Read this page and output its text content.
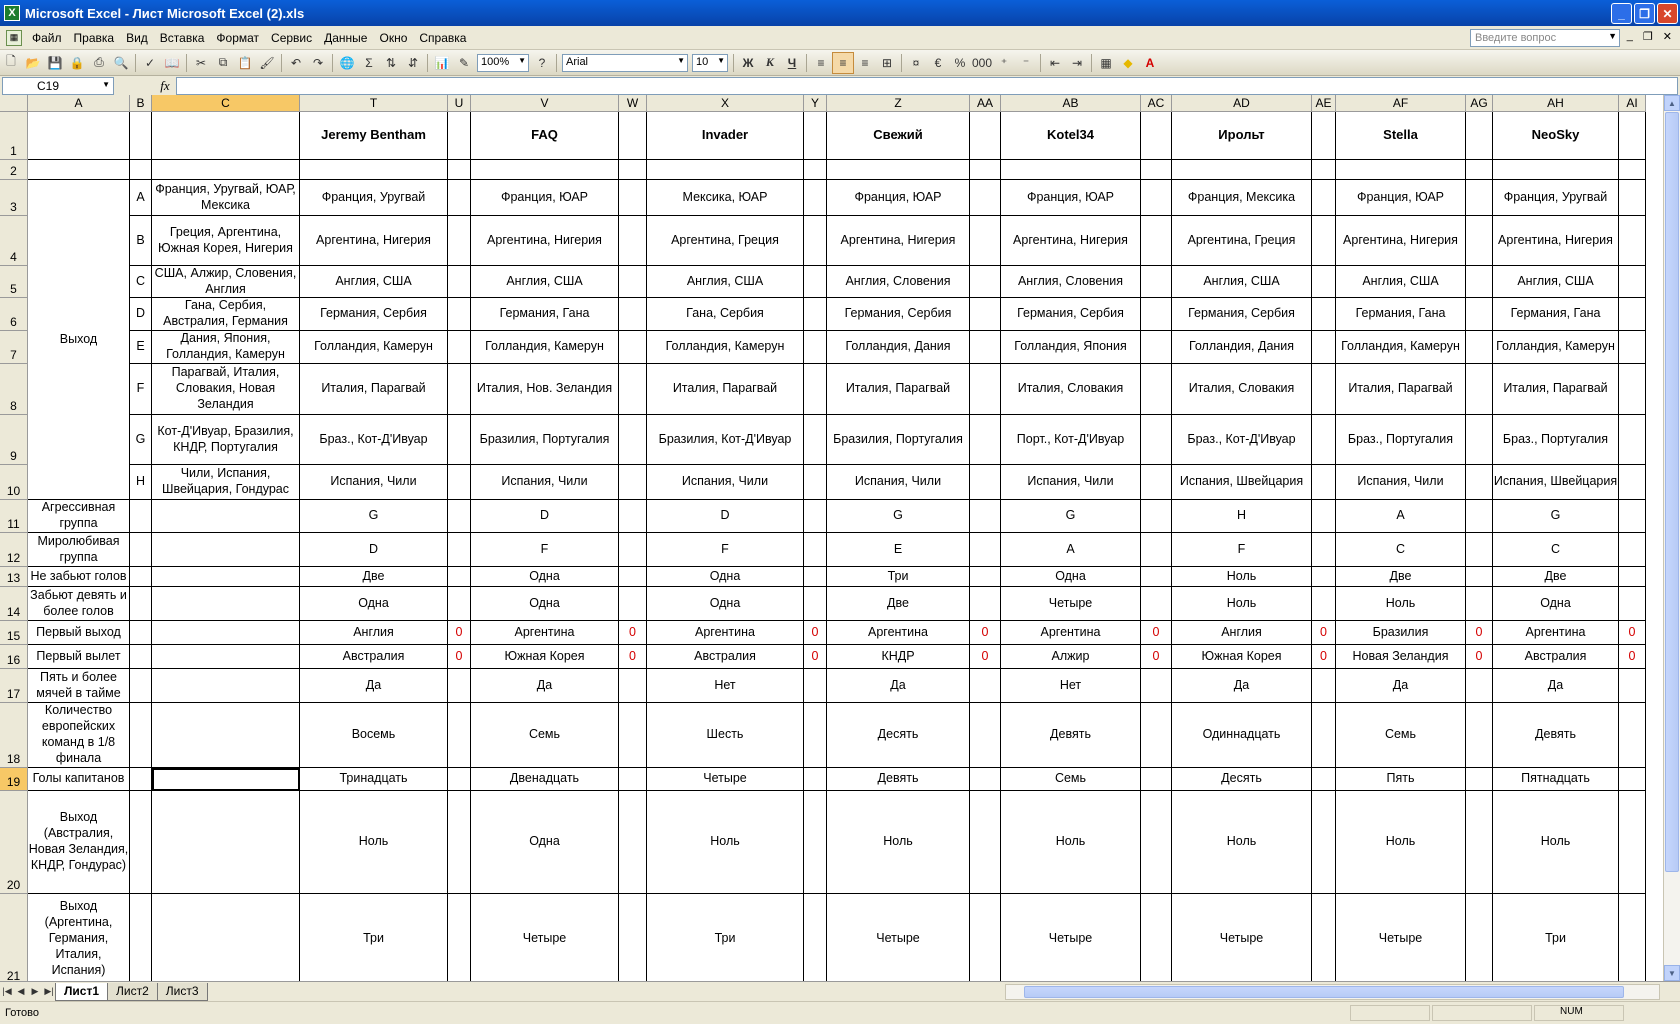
X Microsoft Excel - Лист Microsoft Excel (2).xls	_	❐	✕
▦	Файл	Правка	Вид	Вставка	Формат	Сервис	Данные	Окно	Справка	Введите вопрос	▼ _ ❐ ✕
🗋 📂 💾 🔒 ⎙ 🔍	✓ 📖	✂	⧉ 📋 🖌	↶ ↷	🌐 Σ	⇅ ⇵	📊 ✎	100% ▼	?	Arial	▼	10 ▼	Ж	К	Ч	≡	≡	≡	⊞	¤	€	% 000 ⁺	⁻	⇤ ⇥	▦ ◆	A
C19	▼	fx
A	B	C	T	U	V	W	X	Y	Z	AA	AB	AC	AD	AE	AF	AG	AH	AI
1
2
3
4
5
6
7
8
9
10
11
12
13
14
15
16
17
18
19
20
21
Jeremy Bentham	FAQ	Invader	Свежий	Kotel34	Ирольт	Stella	NeoSky
Выход
A
Франция, Уругвай, ЮАР, Мексика
Франция, Уругвай	Франция, ЮАР	Мексика, ЮАР	Франция, ЮАР	Франция, ЮАР	Франция, Мексика	Франция, ЮАР	Франция, Уругвай
B
Греция, Аргентина, Южная Корея, Нигерия
Аргентина, Нигерия	Аргентина, Нигерия	Аргентина, Греция	Аргентина, Нигерия	Аргентина, Нигерия	Аргентина, Греция	Аргентина, Нигерия	Аргентина, Нигерия
C
США, Алжир, Словения, Англия
Англия, США	Англия, США	Англия, США	Англия, Словения	Англия, Словения	Англия, США	Англия, США	Англия, США
D
Гана, Сербия, Австралия, Германия
Германия, Сербия	Германия, Гана	Гана, Сербия	Германия, Сербия	Германия, Сербия	Германия, Сербия	Германия, Гана	Германия, Гана
E
Дания, Япония, Голландия, Камерун
Голландия, Камерун	Голландия, Камерун	Голландия, Камерун	Голландия, Дания	Голландия, Япония	Голландия, Дания	Голландия, Камерун	Голландия, Камерун
F
Парагвай, Италия, Словакия, Новая Зеландия
Италия, Парагвай	Италия, Нов. Зеландия	Италия, Парагвай	Италия, Парагвай	Италия, Словакия	Италия, Словакия	Италия, Парагвай	Италия, Парагвай
G
Кот-Д'Ивуар, Бразилия, КНДР, Португалия
Браз., Кот-Д'Ивуар	Бразилия, Португалия	Бразилия, Кот-Д'Ивуар	Бразилия, Португалия	Порт., Кот-Д'Ивуар	Браз., Кот-Д'Ивуар	Браз., Португалия	Браз., Португалия
H
Чили, Испания, Швейцария, Гондурас
Испания, Чили	Испания, Чили	Испания, Чили	Испания, Чили	Испания, Чили	Испания, Швейцария	Испания, Чили	Испания, Швейцария
Агрессивная группа
G	D	D	G	G	H	A	G
Миролюбивая группа
D	F	F	E	A	F	C	C
Не забьют голов	Две	Одна	Одна	Три	Одна	Ноль	Две	Две
Забьют девять и более голов
Одна	Одна	Одна	Две	Четыре	Ноль	Ноль	Одна
Первый выход	Англия	0	Аргентина	0	Аргентина	0	Аргентина	0	Аргентина	0	Англия	0	Бразилия	0	Аргентина	0
Первый вылет	Австралия	0	Южная Корея	0	Австралия	0	КНДР	0	Алжир	0	Южная Корея	0	Новая Зеландия	0	Австралия	0
Пять и более мячей в тайме
Да	Да	Нет	Да	Нет	Да	Да	Да
Количество европейских команд в 1/8 финала
Восемь	Семь	Шесть	Десять	Девять	Одиннадцать	Семь	Девять
Голы капитанов	Тринадцать	Двенадцать	Четыре	Девять	Семь	Десять	Пять	Пятнадцать
Выход (Австралия, Новая Зеландия, КНДР, Гондурас)
Ноль	Одна	Ноль	Ноль	Ноль	Ноль	Ноль	Ноль
Выход (Аргентина, Германия, Италия, Испания)
Три	Четыре	Три	Четыре	Четыре	Четыре	Четыре	Три
▲
▼
|◀ ◀ ▶ ▶| Лист1	Лист2	Лист3
Готово	NUM
